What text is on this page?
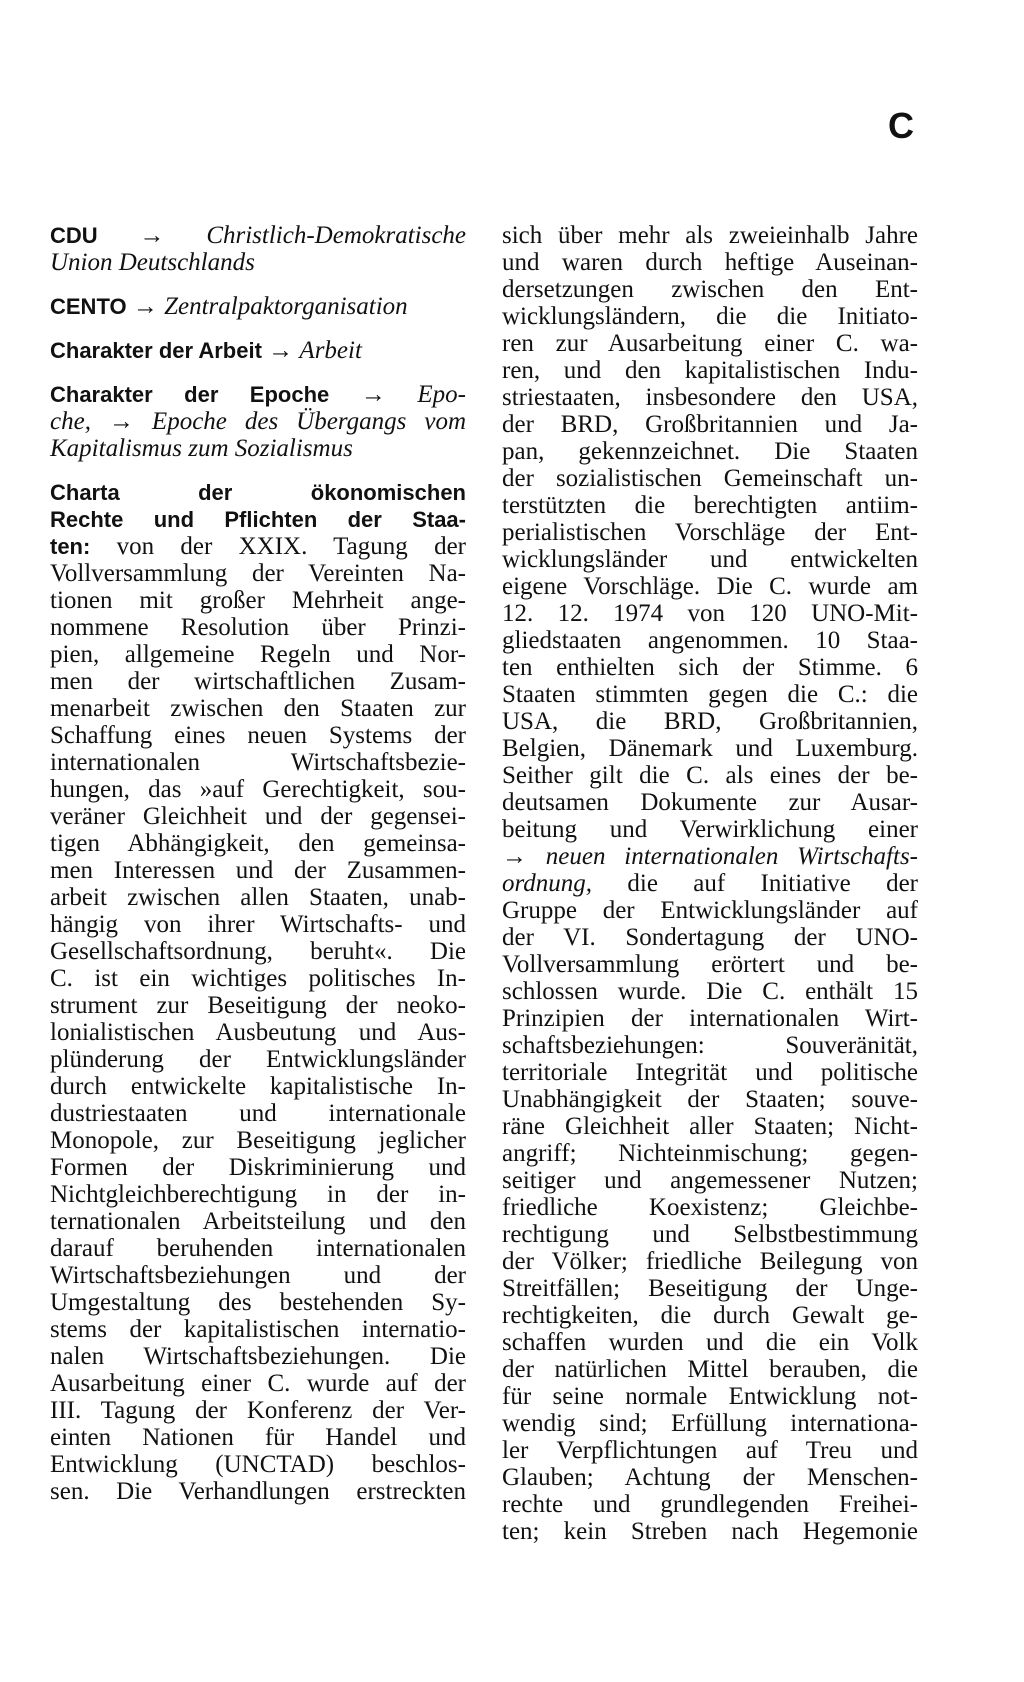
C
CDU → Christlich-Demokratische
Union Deutschlands
CENTO → Zentralpaktorganisation
Charakter der Arbeit → Arbeit
Charakter der Epoche → Epo-
che, → Epoche des Übergangs vom
Kapitalismus zum Sozialismus
Charta der ökonomischen
Rechte und Pflichten der Staa-
ten: von der XXIX. Tagung der
Vollversammlung der Vereinten Na-
tionen mit großer Mehrheit ange-
nommene Resolution über Prinzi-
pien, allgemeine Regeln und Nor-
men der wirtschaftlichen Zusam-
menarbeit zwischen den Staaten zur
Schaffung eines neuen Systems der
internationalen Wirtschaftsbezie-
hungen, das »auf Gerechtigkeit, sou-
veräner Gleichheit und der gegensei-
tigen Abhängigkeit, den gemeinsa-
men Interessen und der Zusammen-
arbeit zwischen allen Staaten, unab-
hängig von ihrer Wirtschafts- und
Gesellschaftsordnung, beruht«. Die
C. ist ein wichtiges politisches In-
strument zur Beseitigung der neoko-
lonialistischen Ausbeutung und Aus-
plünderung der Entwicklungsländer
durch entwickelte kapitalistische In-
dustriestaaten und internationale
Monopole, zur Beseitigung jeglicher
Formen der Diskriminierung und
Nichtgleichberechtigung in der in-
ternationalen Arbeitsteilung und den
darauf beruhenden internationalen
Wirtschaftsbeziehungen und der
Umgestaltung des bestehenden Sy-
stems der kapitalistischen internatio-
nalen Wirtschaftsbeziehungen. Die
Ausarbeitung einer C. wurde auf der
III. Tagung der Konferenz der Ver-
einten Nationen für Handel und
Entwicklung (UNCTAD) beschlos-
sen. Die Verhandlungen erstreckten
sich über mehr als zweieinhalb Jahre
und waren durch heftige Auseinan-
dersetzungen zwischen den Ent-
wicklungsländern, die die Initiato-
ren zur Ausarbeitung einer C. wa-
ren, und den kapitalistischen Indu-
striestaaten, insbesondere den USA,
der BRD, Großbritannien und Ja-
pan, gekennzeichnet. Die Staaten
der sozialistischen Gemeinschaft un-
terstützten die berechtigten antiim-
perialistischen Vorschläge der Ent-
wicklungsländer und entwickelten
eigene Vorschläge. Die C. wurde am
12. 12. 1974 von 120 UNO-Mit-
gliedstaaten angenommen. 10 Staa-
ten enthielten sich der Stimme. 6
Staaten stimmten gegen die C.: die
USA, die BRD, Großbritannien,
Belgien, Dänemark und Luxemburg.
Seither gilt die C. als eines der be-
deutsamen Dokumente zur Ausar-
beitung und Verwirklichung einer
→ neuen internationalen Wirtschafts-
ordnung, die auf Initiative der
Gruppe der Entwicklungsländer auf
der VI. Sondertagung der UNO-
Vollversammlung erörtert und be-
schlossen wurde. Die C. enthält 15
Prinzipien der internationalen Wirt-
schaftsbeziehungen: Souveränität,
territoriale Integrität und politische
Unabhängigkeit der Staaten; souve-
räne Gleichheit aller Staaten; Nicht-
angriff; Nichteinmischung; gegen-
seitiger und angemessener Nutzen;
friedliche Koexistenz; Gleichbe-
rechtigung und Selbstbestimmung
der Völker; friedliche Beilegung von
Streitfällen; Beseitigung der Unge-
rechtigkeiten, die durch Gewalt ge-
schaffen wurden und die ein Volk
der natürlichen Mittel berauben, die
für seine normale Entwicklung not-
wendig sind; Erfüllung internationa-
ler Verpflichtungen auf Treu und
Glauben; Achtung der Menschen-
rechte und grundlegenden Freihei-
ten; kein Streben nach Hegemonie
